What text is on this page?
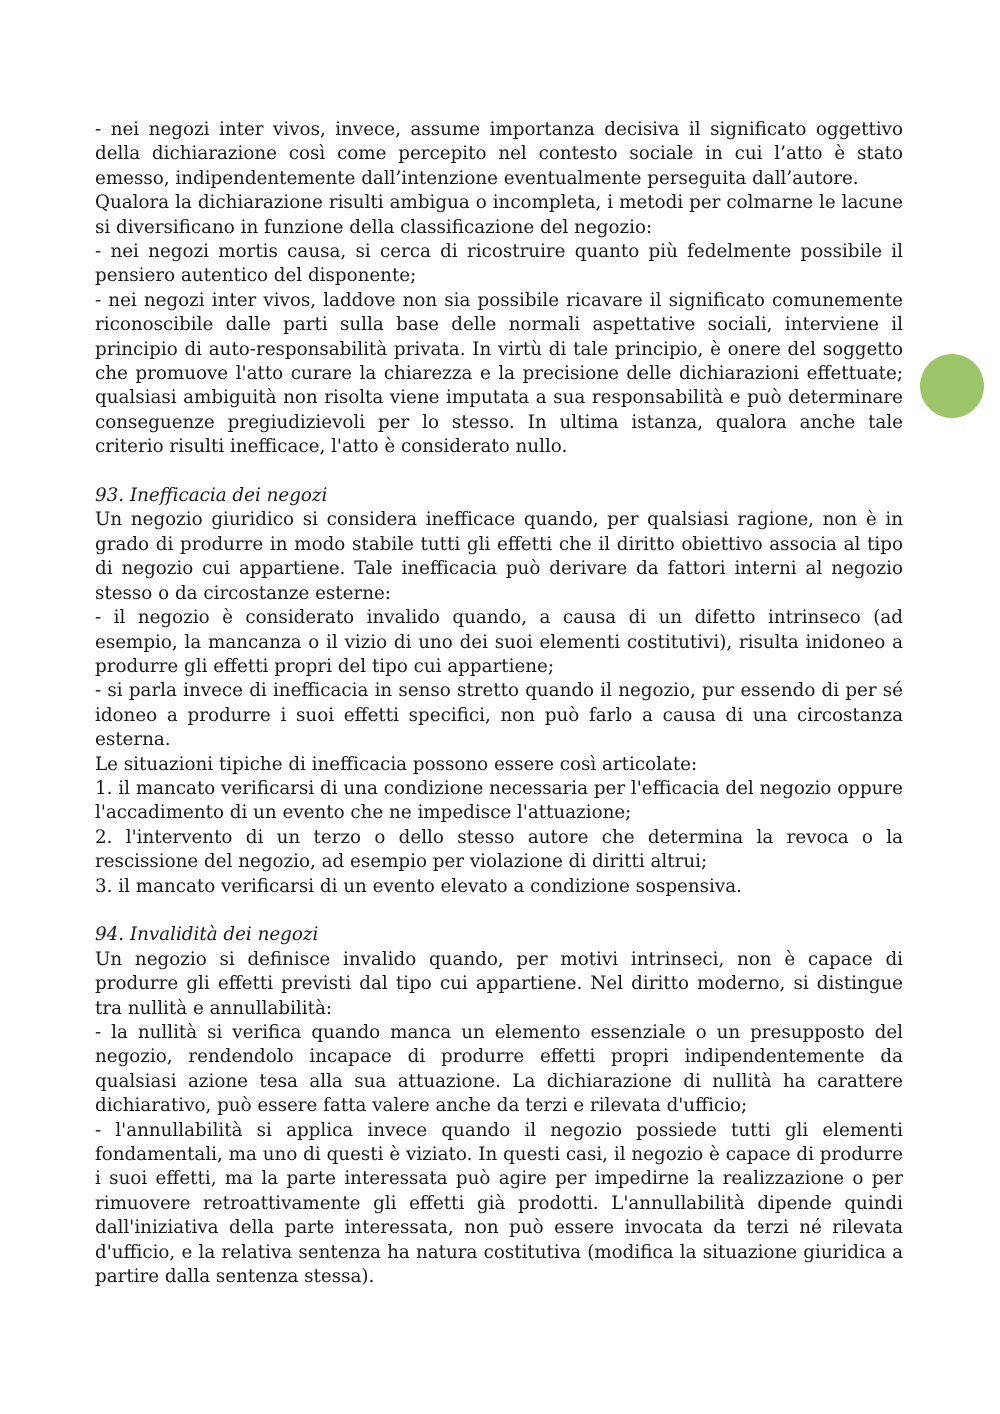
- nei negozi inter vivos, invece, assume importanza decisiva il significato oggettivo della dichiarazione così come percepito nel contesto sociale in cui l’atto è stato emesso, indipendentemente dall’intenzione eventualmente perseguita dall’autore.

Qualora la dichiarazione risulti ambigua o incompleta, i metodi per colmarne le lacune si diversificano in funzione della classificazione del negozio:

- nei negozi mortis causa, si cerca di ricostruire quanto più fedelmente possibile il pensiero autentico del disponente;

- nei negozi inter vivos, laddove non sia possibile ricavare il significato comunemente riconoscibile dalle parti sulla base delle normali aspettative sociali, interviene il principio di auto-responsabilità privata. In virtù di tale principio, è onere del soggetto che promuove l'atto curare la chiarezza e la precisione delle dichiarazioni effettuate; qualsiasi ambiguità non risolta viene imputata a sua responsabilità e può determinare conseguenze pregiudizievoli per lo stesso. In ultima istanza, qualora anche tale criterio risulti inefficace, l'atto è considerato nullo.

93. Inefficacia dei negozi

Un negozio giuridico si considera inefficace quando, per qualsiasi ragione, non è in grado di produrre in modo stabile tutti gli effetti che il diritto obiettivo associa al tipo di negozio cui appartiene. Tale inefficacia può derivare da fattori interni al negozio stesso o da circostanze esterne:

- il negozio è considerato invalido quando, a causa di un difetto intrinseco (ad esempio, la mancanza o il vizio di uno dei suoi elementi costitutivi), risulta inidoneo a produrre gli effetti propri del tipo cui appartiene;

- si parla invece di inefficacia in senso stretto quando il negozio, pur essendo di per sé idoneo a produrre i suoi effetti specifici, non può farlo a causa di una circostanza esterna.

Le situazioni tipiche di inefficacia possono essere così articolate:

1. il mancato verificarsi di una condizione necessaria per l'efficacia del negozio oppure l'accadimento di un evento che ne impedisce l'attuazione;

2. l'intervento di un terzo o dello stesso autore che determina la revoca o la rescissione del negozio, ad esempio per violazione di diritti altrui;

3. il mancato verificarsi di un evento elevato a condizione sospensiva.

94. Invalidità dei negozi

Un negozio si definisce invalido quando, per motivi intrinseci, non è capace di produrre gli effetti previsti dal tipo cui appartiene. Nel diritto moderno, si distingue tra nullità e annullabilità:

- la nullità si verifica quando manca un elemento essenziale o un presupposto del negozio, rendendolo incapace di produrre effetti propri indipendentemente da qualsiasi azione tesa alla sua attuazione. La dichiarazione di nullità ha carattere dichiarativo, può essere fatta valere anche da terzi e rilevata d'ufficio;

- l'annullabilità si applica invece quando il negozio possiede tutti gli elementi fondamentali, ma uno di questi è viziato. In questi casi, il negozio è capace di produrre i suoi effetti, ma la parte interessata può agire per impedirne la realizzazione o per rimuovere retroattivamente gli effetti già prodotti. L'annullabilità dipende quindi dall'iniziativa della parte interessata, non può essere invocata da terzi né rilevata d'ufficio, e la relativa sentenza ha natura costitutiva (modifica la situazione giuridica a partire dalla sentenza stessa).
